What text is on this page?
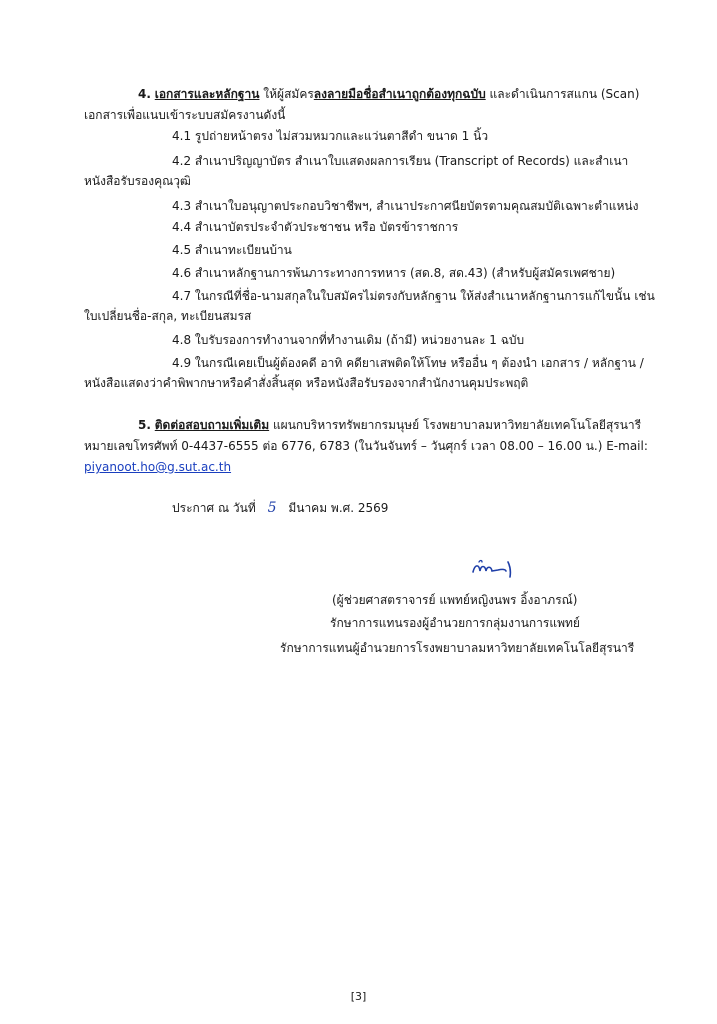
4. เอกสารและหลักฐาน ให้ผู้สมัครลงลายมือชื่อสำเนาถูกต้องทุกฉบับ และดำเนินการสแกน (Scan)
เอกสารเพื่อแนบเข้าระบบสมัครงานดังนี้
4.1 รูปถ่ายหน้าตรง ไม่สวมหมวกและแว่นตาสีดำ ขนาด 1 นิ้ว
4.2 สำเนาปริญญาบัตร สำเนาใบแสดงผลการเรียน (Transcript of Records) และสำเนา
หนังสือรับรองคุณวุฒิ
4.3 สำเนาใบอนุญาตประกอบวิชาชีพฯ, สำเนาประกาศนียบัตรตามคุณสมบัติเฉพาะตำแหน่ง
4.4 สำเนาบัตรประจำตัวประชาชน หรือ บัตรข้าราชการ
4.5 สำเนาทะเบียนบ้าน
4.6 สำเนาหลักฐานการพ้นภาระทางการทหาร (สด.8, สด.43) (สำหรับผู้สมัครเพศชาย)
4.7 ในกรณีที่ชื่อ-นามสกุลในใบสมัครไม่ตรงกับหลักฐาน ให้ส่งสำเนาหลักฐานการแก้ไขนั้น เช่น
ใบเปลี่ยนชื่อ-สกุล, ทะเบียนสมรส
4.8 ใบรับรองการทำงานจากที่ทำงานเดิม (ถ้ามี) หน่วยงานละ 1 ฉบับ
4.9 ในกรณีเคยเป็นผู้ต้องคดี อาทิ คดียาเสพติดให้โทษ หรืออื่น ๆ ต้องนำ เอกสาร / หลักฐาน /
หนังสือแสดงว่าคำพิพากษาหรือคำสั่งสิ้นสุด หรือหนังสือรับรองจากสำนักงานคุมประพฤติ
5. ติดต่อสอบถามเพิ่มเติม แผนกบริหารทรัพยากรมนุษย์ โรงพยาบาลมหาวิทยาลัยเทคโนโลยีสุรนารี
หมายเลขโทรศัพท์ 0-4437-6555 ต่อ 6776, 6783 (ในวันจันทร์ – วันศุกร์ เวลา 08.00 – 16.00 น.) E-mail:
piyanoot.ho@g.sut.ac.th
ประกาศ ณ วันที่ 5 มีนาคม พ.ศ. 2569
(ผู้ช่วยศาสตราจารย์ แพทย์หญิงนพร อิ้งอาภรณ์)
รักษาการแทนรองผู้อำนวยการกลุ่มงานการแพทย์
รักษาการแทนผู้อำนวยการโรงพยาบาลมหาวิทยาลัยเทคโนโลยีสุรนารี
[3]
